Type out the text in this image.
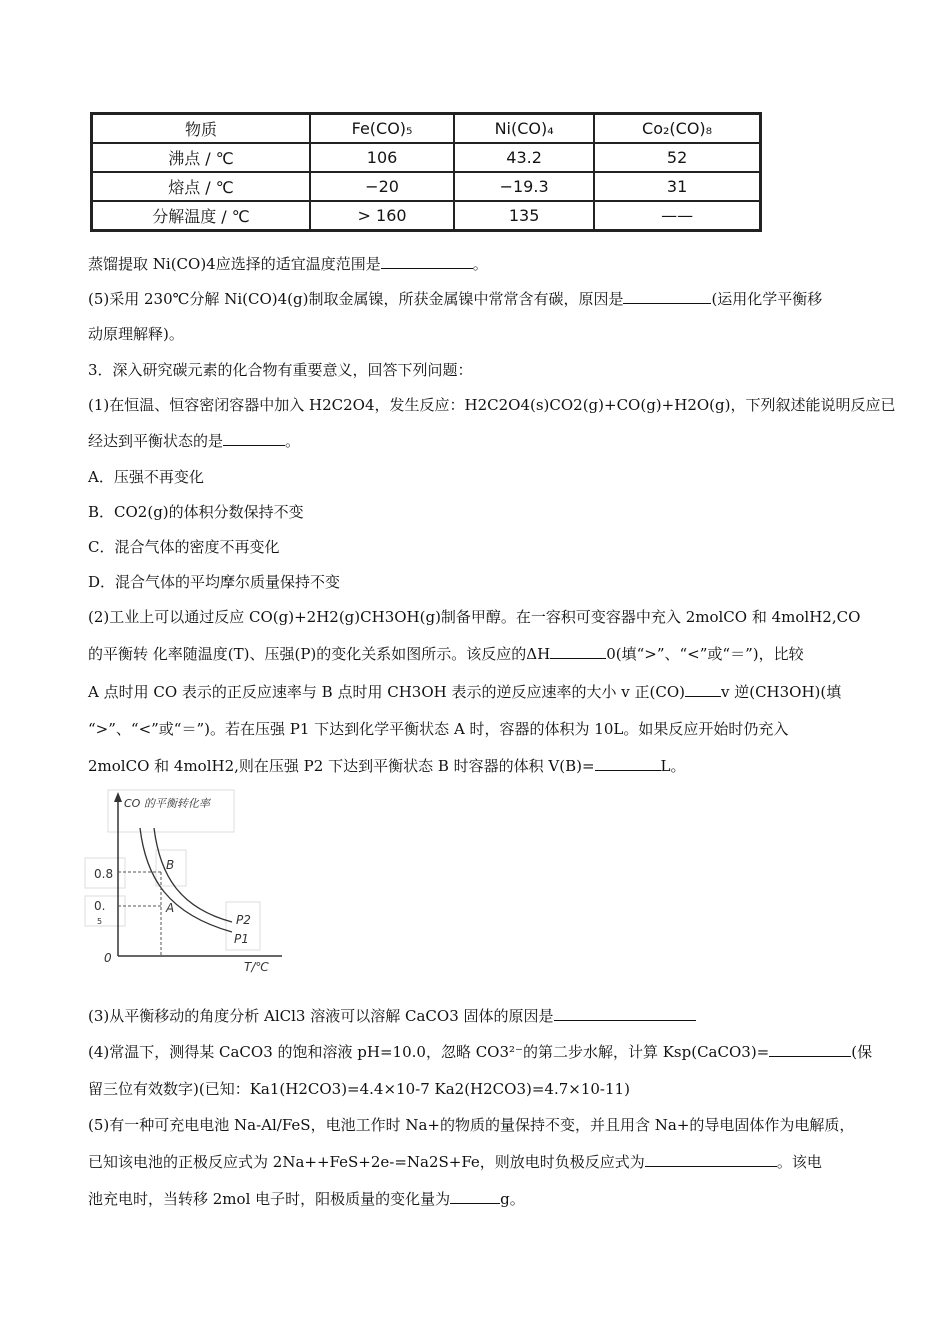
物质	Fe(CO)₅	Ni(CO)₄	Co₂(CO)₈
沸点 / ℃	106	43.2	52
熔点 / ℃	−20	−19.3	31
分解温度 / ℃	> 160	135	——
蒸馏提取 Ni(CO)4应选择的适宜温度范围是	。
(5)采用 230℃分解 Ni(CO)4(g)制取金属镍，所获金属镍中常常含有碳，原因是	(运用化学平衡移
动原理解释)。
3．深入研究碳元素的化合物有重要意义，回答下列问题：
(1)在恒温、恒容密闭容器中加入 H2C2O4，发生反应：H2C2O4(s)CO2(g)+CO(g)+H2O(g)，下列叙述能说明反应已
经达到平衡状态的是	。
A．压强不再变化
B．CO2(g)的体积分数保持不变
C．混合气体的密度不再变化
D．混合气体的平均摩尔质量保持不变
(2)工业上可以通过反应 CO(g)+2H2(g)CH3OH(g)制备甲醇。在一容积可变容器中充入 2molCO 和 4molH2,CO
的平衡转 化率随温度(T)、压强(P)的变化关系如图所示。该反应的ΔH	0(填“>”、“<”或“＝”)，比较
A 点时用 CO 表示的正反应速率与 B 点时用 CH3OH 表示的逆反应速率的大小 v 正(CO) v 逆(CH3OH)(填
“>”、“<”或“＝”)。若在压强 P1 下达到化学平衡状态 A 时，容器的体积为 10L。如果反应开始时仍充入
2molCO 和 4molH2,则在压强 P2 下达到平衡状态 B 时容器的体积 V(B)=	L。
CO 的平衡转化率
0.8
0.
5
B
A
P2
P1
0
T/℃
(3)从平衡移动的角度分析 AlCl3 溶液可以溶解 CaCO3 固体的原因是
(4)常温下，测得某 CaCO3 的饱和溶液 pH=10.0，忽略 CO3²⁻的第二步水解，计算 Ksp(CaCO3)=	(保
留三位有效数字)(已知：Ka1(H2CO3)=4.4×10-7 Ka2(H2CO3)=4.7×10-11)
(5)有一种可充电电池 Na-Al/FeS，电池工作时 Na+的物质的量保持不变，并且用含 Na+的导电固体作为电解质，
已知该电池的正极反应式为 2Na++FeS+2e-=Na2S+Fe，则放电时负极反应式为	。该电
池充电时，当转移 2mol 电子时，阳极质量的变化量为	g。
